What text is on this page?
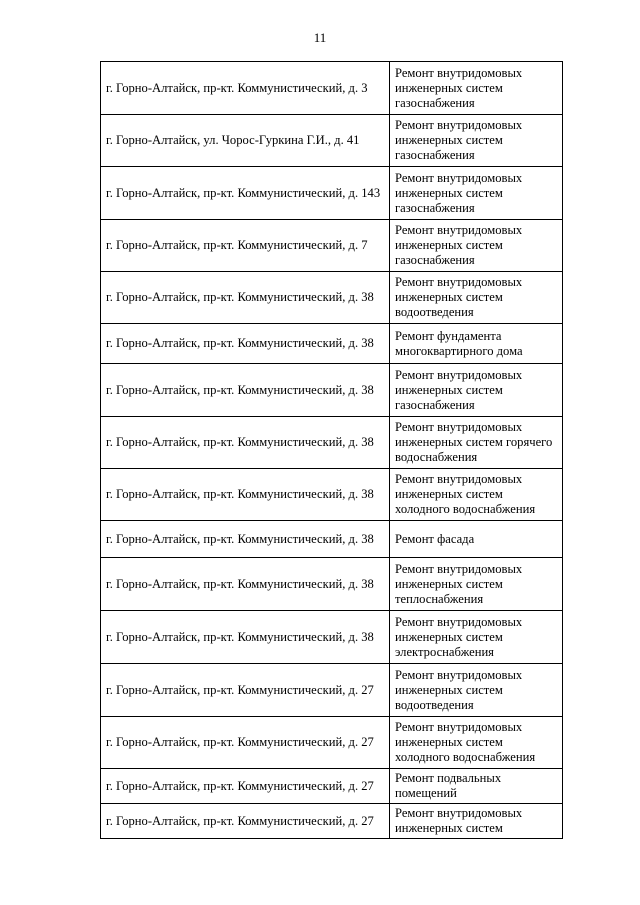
11
г. Горно-Алтайск, пр-кт. Коммунистический, д. 3	Ремонт внутридомовых инженерных систем газоснабжения
г. Горно-Алтайск, ул. Чорос-Гуркина Г.И., д. 41	Ремонт внутридомовых инженерных систем газоснабжения
г. Горно-Алтайск, пр-кт. Коммунистический, д. 143	Ремонт внутридомовых инженерных систем газоснабжения
г. Горно-Алтайск, пр-кт. Коммунистический, д. 7	Ремонт внутридомовых инженерных систем газоснабжения
г. Горно-Алтайск, пр-кт. Коммунистический, д. 38	Ремонт внутридомовых инженерных систем водоотведения
г. Горно-Алтайск, пр-кт. Коммунистический, д. 38	Ремонт фундамента многоквартирного дома
г. Горно-Алтайск, пр-кт. Коммунистический, д. 38	Ремонт внутридомовых инженерных систем газоснабжения
г. Горно-Алтайск, пр-кт. Коммунистический, д. 38	Ремонт внутридомовых инженерных систем горячего водоснабжения
г. Горно-Алтайск, пр-кт. Коммунистический, д. 38	Ремонт внутридомовых инженерных систем холодного водоснабжения
г. Горно-Алтайск, пр-кт. Коммунистический, д. 38	Ремонт фасада
г. Горно-Алтайск, пр-кт. Коммунистический, д. 38	Ремонт внутридомовых инженерных систем теплоснабжения
г. Горно-Алтайск, пр-кт. Коммунистический, д. 38	Ремонт внутридомовых инженерных систем электроснабжения
г. Горно-Алтайск, пр-кт. Коммунистический, д. 27	Ремонт внутридомовых инженерных систем водоотведения
г. Горно-Алтайск, пр-кт. Коммунистический, д. 27	Ремонт внутридомовых инженерных систем холодного водоснабжения
г. Горно-Алтайск, пр-кт. Коммунистический, д. 27	Ремонт подвальных помещений
г. Горно-Алтайск, пр-кт. Коммунистический, д. 27	Ремонт внутридомовых инженерных систем
